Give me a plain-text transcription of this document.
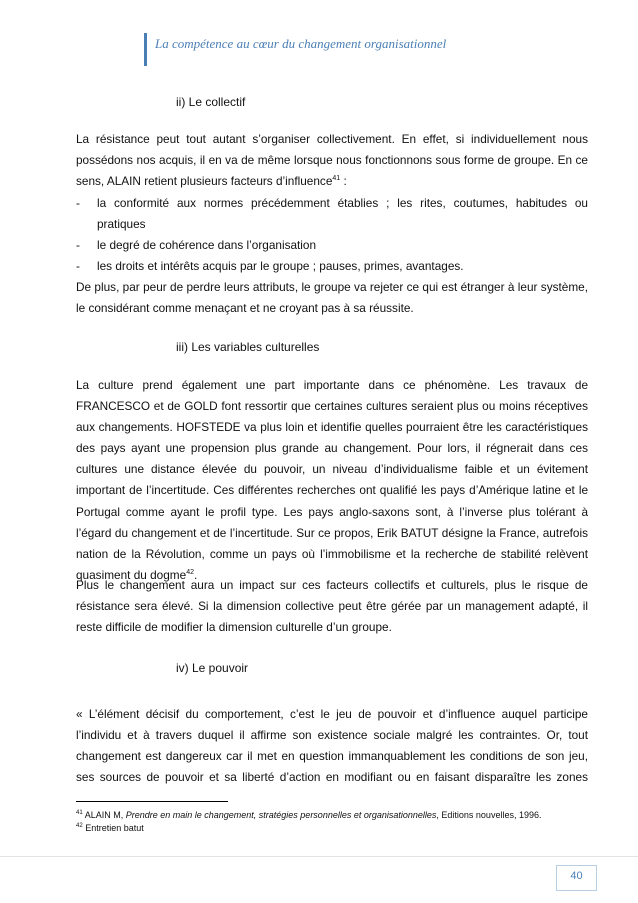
La compétence au cœur du changement organisationnel
ii) Le collectif

La résistance peut tout autant s’organiser collectivement. En effet, si individuellement nous possédons nos acquis, il en va de même lorsque nous fonctionnons sous forme de groupe. En ce sens, ALAIN retient plusieurs facteurs d’influence$^{41}$ :

- la conformité aux normes précédemment établies ; les rites, coutumes, habitudes ou pratiques
- le degré de cohérence dans l’organisation
- les droits et intérêts acquis par le groupe ; pauses, primes, avantages.

De plus, par peur de perdre leurs attributs, le groupe va rejeter ce qui est étranger à leur système, le considérant comme menaçant et ne croyant pas à sa réussite.

iii) Les variables culturelles

La culture prend également une part importante dans ce phénomène. Les travaux de FRANCESCO et de GOLD font ressortir que certaines cultures seraient plus ou moins réceptives aux changements. HOFSTEDE va plus loin et identifie quelles pourraient être les caractéristiques des pays ayant une propension plus grande au changement. Pour lors, il régnerait dans ces cultures une distance élevée du pouvoir, un niveau d’individualisme faible et un évitement important de l’incertitude. Ces différentes recherches ont qualifié les pays d’Amérique latine et le Portugal comme ayant le profil type. Les pays anglo-saxons sont, à l’inverse plus tolérant à l’égard du changement et de l’incertitude. Sur ce propos, Erik BATUT désigne la France, autrefois nation de la Révolution, comme un pays où l’immobilisme et la recherche de stabilité relèvent quasiment du dogme$^{42}$.

Plus le changement aura un impact sur ces facteurs collectifs et culturels, plus le risque de résistance sera élevé. Si la dimension collective peut être gérée par un management adapté, il reste difficile de modifier la dimension culturelle d’un groupe.

iv) Le pouvoir

« L’élément décisif du comportement, c’est le jeu de pouvoir et d’influence auquel participe l’individu et à travers duquel il affirme son existence sociale malgré les contraintes. Or, tout changement est dangereux car il met en question immanquablement les conditions de son jeu, ses sources de pouvoir et sa liberté d’action en modifiant ou en faisant disparaître les zones

$^{41}$ ALAIN M, Prendre en main le changement, stratégies personnelles et organisationnelles, Editions nouvelles, 1996.
$^{42}$ Entretien batut
40
